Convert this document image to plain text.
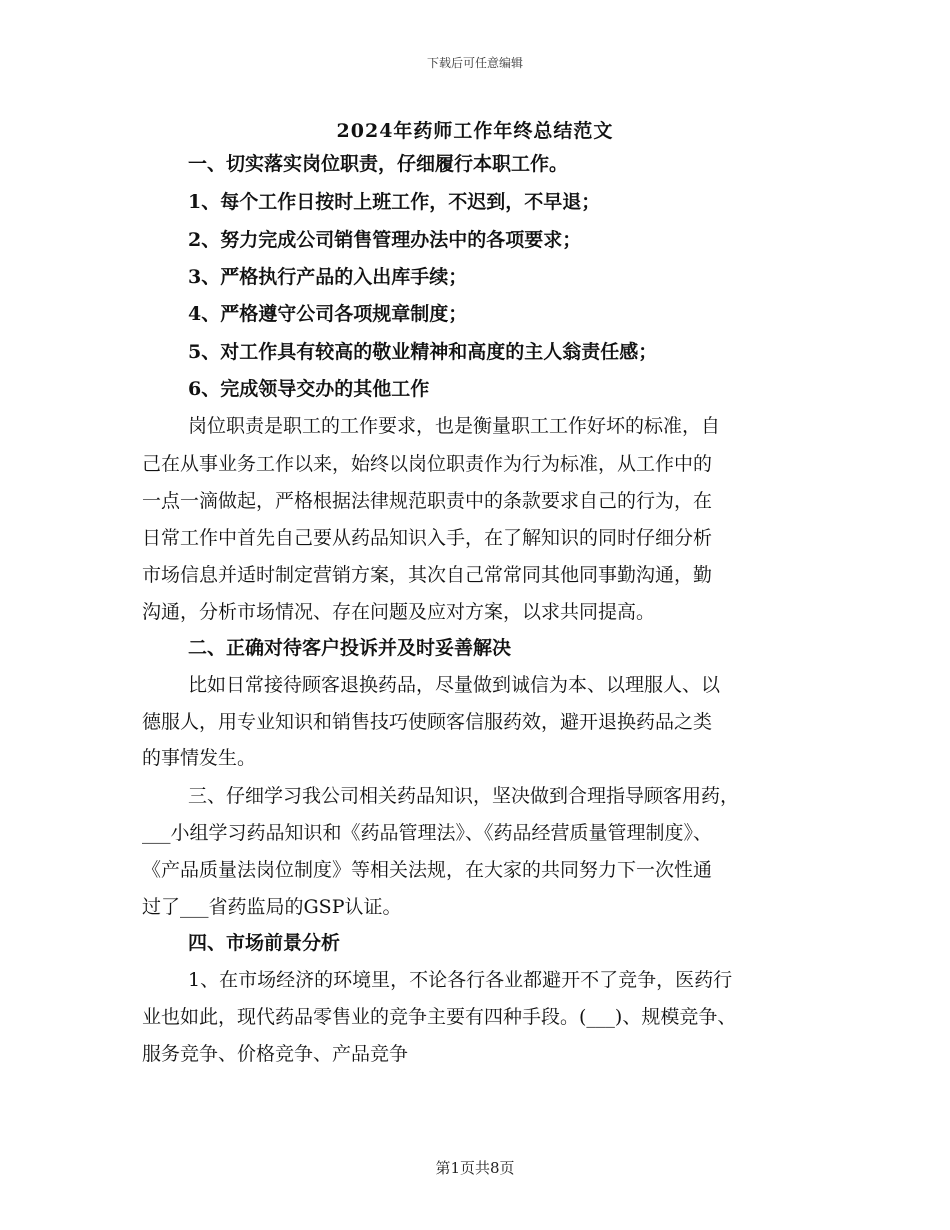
下载后可任意编辑
2024年药师工作年终总结范文
一、切实落实岗位职责，仔细履行本职工作。
1、每个工作日按时上班工作，不迟到，不早退；
2、努力完成公司销售管理办法中的各项要求；
3、严格执行产品的入出库手续；
4、严格遵守公司各项规章制度；
5、对工作具有较高的敬业精神和高度的主人翁责任感；
6、完成领导交办的其他工作
岗位职责是职工的工作要求，也是衡量职工工作好坏的标准，自
己在从事业务工作以来，始终以岗位职责作为行为标准，从工作中的
一点一滴做起，严格根据法律规范职责中的条款要求自己的行为，在
日常工作中首先自己要从药品知识入手，在了解知识的同时仔细分析
市场信息并适时制定营销方案，其次自己常常同其他同事勤沟通，勤
沟通，分析市场情况、存在问题及应对方案，以求共同提高。
二、正确对待客户投诉并及时妥善解决
比如日常接待顾客退换药品，尽量做到诚信为本、以理服人、以
德服人，用专业知识和销售技巧使顾客信服药效，避开退换药品之类
的事情发生。
三、仔细学习我公司相关药品知识，坚决做到合理指导顾客用药，
___小组学习药品知识和《药品管理法》、《药品经营质量管理制度》、
《产品质量法岗位制度》等相关法规，在大家的共同努力下一次性通
过了___省药监局的GSP认证。
四、市场前景分析
1、在市场经济的环境里，不论各行各业都避开不了竞争，医药行
业也如此，现代药品零售业的竞争主要有四种手段。(___)、规模竞争、
服务竞争、价格竞争、产品竞争
第1页共8页
